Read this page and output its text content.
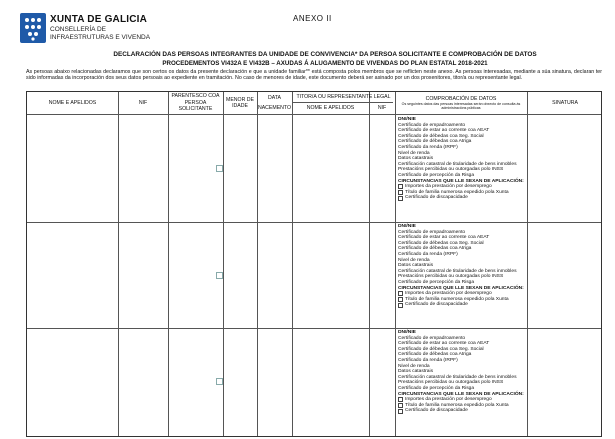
XUNTA DE GALICIA
CONSELLERÍA DE
INFRAESTRUTURAS E VIVENDA
ANEXO II
DECLARACIÓN DAS PERSOAS INTEGRANTES DA UNIDADE DE CONVIVENCIA* DA PERSOA SOLICITANTE E COMPROBACIÓN DE DATOS
PROCEDEMENTOS VI432A E VI432B – AXUDAS Á ALUGAMENTO DE VIVENDAS DO PLAN ESTATAL 2018-2021
As persoas abaixo relacionadas declaramos que son certos os datos da presente declaración e que a unidade familiar** está composta polos membros que se reflicten neste anexo. As persoas interesadas, mediante a súa sinatura, declaran ter sido informadas da incorporación dos seus datos persoais ao expediente en tramitación. No caso de menores de idade, este documento deberá ser asinado por un dos proxenitores, titor/a ou representante legal.
NOME E APELIDOS	NIF
PARENTESCO COA PERSOA SOLICITANTE
MENOR DE IDADE
DATA
NACEMENTO
TITOR/A OU REPRESENTANTE LEGAL
NOME E APELIDOS	NIF
COMPROBACIÓN DE DATOS
Os seguintes datos das persoas interesadas serán obxecto de consulta ás administracións públicas
SINATURA
DNI/NIE
Certificado de empadroamento
Certificado de estar ao corrente coa AEAT
Certificado de débedas coa Seg. Social
Certificado de débedas coa Atriga
Certificado da renda (IRPF)
Nivel de renda
Datos catastrais
Certificación catastral de titularidade de bens inmobles
Prestacións percibidas ou outorgadas polo INSS
Certificado de percepción da Risga
CIRCUNSTANCIAS QUE LLE SEXAN DE APLICACIÓN:
Importes da prestación por desemprego
Título de familia numerosa expedido pola Xunta
Certificado de discapacidade
DNI/NIE
Certificado de empadroamento
Certificado de estar ao corrente coa AEAT
Certificado de débedas coa Seg. Social
Certificado de débedas coa Atriga
Certificado da renda (IRPF)
Nivel de renda
Datos catastrais
Certificación catastral de titularidade de bens inmobles
Prestacións percibidas ou outorgadas polo INSS
Certificado de percepción da Risga
CIRCUNSTANCIAS QUE LLE SEXAN DE APLICACIÓN:
Importes da prestación por desemprego
Título de familia numerosa expedido pola Xunta
Certificado de discapacidade
DNI/NIE
Certificado de empadroamento
Certificado de estar ao corrente coa AEAT
Certificado de débedas coa Seg. Social
Certificado de débedas coa Atriga
Certificado da renda (IRPF)
Nivel de renda
Datos catastrais
Certificación catastral de titularidade de bens inmobles
Prestacións percibidas ou outorgadas polo INSS
Certificado de percepción da Risga
CIRCUNSTANCIAS QUE LLE SEXAN DE APLICACIÓN:
Importes da prestación por desemprego
Título de familia numerosa expedido pola Xunta
Certificado de discapacidade
